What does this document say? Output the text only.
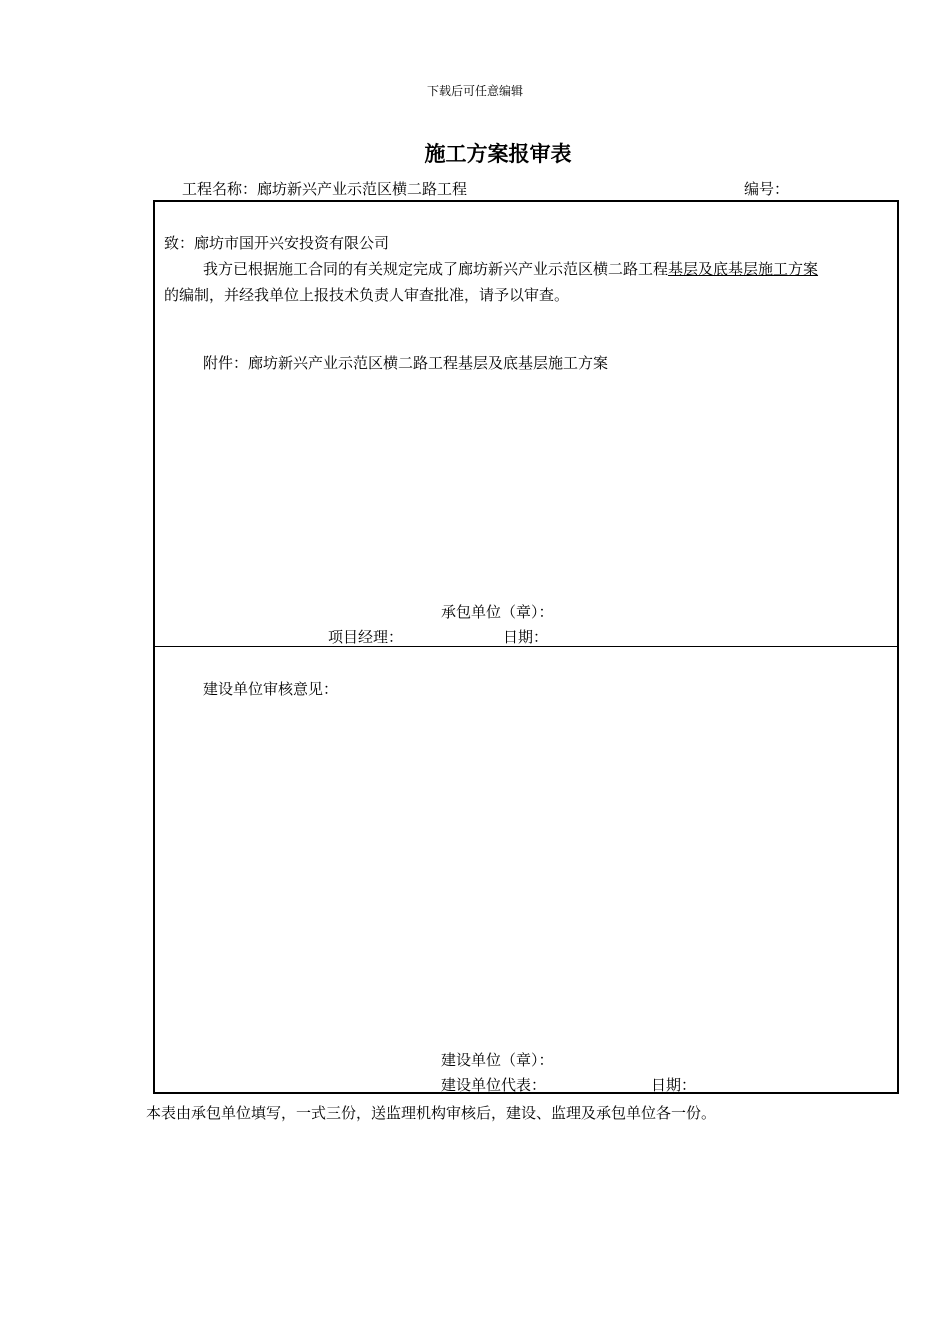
下载后可任意编辑
施工方案报审表
工程名称：廊坊新兴产业示范区横二路工程	编号：
致：廊坊市国开兴安投资有限公司
我方已根据施工合同的有关规定完成了廊坊新兴产业示范区横二路工程基层及底基层施工方案
的编制，并经我单位上报技术负责人审查批准，请予以审查。
附件：廊坊新兴产业示范区横二路工程基层及底基层施工方案
承包单位（章）：
项目经理：	日期：
建设单位审核意见：
建设单位（章）：
建设单位代表：	日期：
本表由承包单位填写，一式三份，送监理机构审核后，建设、监理及承包单位各一份。
